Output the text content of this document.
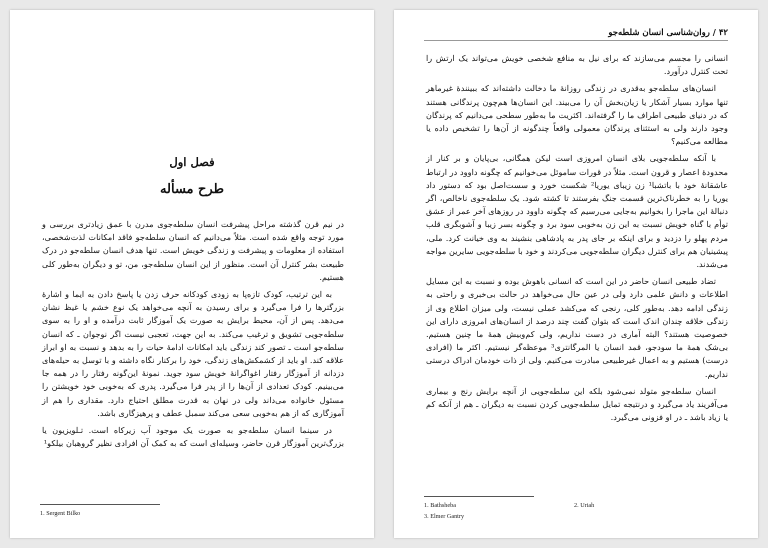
۴۲ / روان‌شناسی انسان شلطه‌جو

انسانی را مجسم می‌سازند که برای نیل به منافع شخصی خویش می‌تواند یک ارتش را تحت کنترل درآورد.

انسان‌های سلطه‌جو به‌قدری در زندگی روزانهٔ ما دخالت داشته‌اند که ببینندهٔ غیرماهر تنها موارد بسیار آشکار یا زیان‌بخش آن را می‌بیند. این انسان‌ها هم‌چون پرندگانی هستند که در دنیای طبیعی اطراف ما را گرفته‌اند. اکثریت ما به‌طور سطحی می‌دانیم که پرندگان وجود دارند ولی به استثنای پرندگان معمولی واقعاً چندگونه از آن‌ها را تشخیص داده یا مطالعه می‌کنیم؟

با آنکه سلطه‌جویی بلای انسان امروزی است لیکن همگانی، بی‌پایان و بر کنار از محدودهٔ اعصار و قرون است. مثلاً در قورات ساموئل می‌خوانیم که چگونه داوود در ارتباط عاشقانهٔ خود با باتشبا¹ زن زیبای یوریا² شکست خورد و سست‌اصل بود که دستور داد یوریا را به خطرناک‌ترین قسمت جنگ بفرستند تا کشته شود. یک سلطه‌جوی ناخالص، اگر دنبالهٔ این ماجرا را بخوانیم به‌جایی می‌رسیم که چگونه داوود در روزهای آخر عمر از عشق توأم با گناه خویش نسبت به این زن به‌خوبی سود برد و چگونه بسر زیبا و آشوبگری قلب مردم پهلو را دزدید و برای اینکه بر جای پدر به پادشاهی بنشیند به وی خیانت کرد. ملی، پیشینیان هم برای کنترل دیگران سلطه‌جویی می‌کردند و خود با سلطه‌جویی سایرین مواجه می‌شدند.

تضاد طبیعی انسان حاضر در این است که انسانی باهوش بوده و نسبت به این مسایل اطلاعات و دانش علمی دارد ولی در عین حال می‌خواهد در حالت بی‌خبری و راحتی به زندگی ادامه دهد. به‌طور کلی، رنجی که می‌کشد عملی نیست، ولی میزان اطلاع وی از زندگی خلاقه چندان اندک است که بتوان گفت چند درصد از انسان‌های امروزی دارای این خصوصیت هستند؟ البته آماری در دست نداریم، ولی کم‌وبیش همهٔ ما چنین هستیم. بی‌شک همهٔ ما سودجو، قمد انسان یا المرگانتری³ موعظه‌گر نیستیم. اکثر ما (افرادی درست) هستیم و به اعمال غیرطبیعی مبادرت می‌کنیم. ولی از ذات خودمان ادراک درستی نداریم.

انسان سلطه‌جو متولد نمی‌شود بلکه این سلطه‌جویی از آنچه برایش رنج و بیماری می‌آفریند یاد می‌گیرد و درنتیجه تمایل سلطه‌جویی کردن نسبت به دیگران ـ هم از آنکه کم یا زیاد باشد ـ در او فزونی می‌گیرد.

1. Bathsheba	2. Uriah
3. Elmer Gantry
فصل اول
طرح مسأله

در نیم قرن گذشته مراحل پیشرفت انسان سلطه‌جوی مدرن با عمق زیادتری بررسی و مورد توجه واقع شده است. مثلاً می‌دانیم که انسان سلطه‌جو فاقد امکانات لذت‌شخصی، استفاده از معلومات و پیشرفت و زندگی خویش است. تنها هدف انسان سلطه‌جو در درک طبیعت بشر کنترل آن است. منظور از این انسان سلطه‌جو، من، تو و دیگران به‌طور کلی هستیم.

به این ترتیب، کودک تازه‌پا به زودی کودکانه حرف زدن یا پاسخ دادن به ایما و اشارهٔ بزرگترها را فرا می‌گیرد و برای رسیدن به آنچه می‌خواهد یک نوع خشم یا غیظ نشان می‌دهد. پس از آن، محیط برایش به صورت یک آموزگار ثابت درآمده و او را به سوی سلطه‌جویی تشویق و ترغیب می‌کند. به این جهت، تعجبی نیست اگر نوجوان ـ که انسان سلطه‌جو است ـ تصور کند زندگی باید امکانات ادامهٔ حیات را به بدهد و نسبت به او ابراز علاقه کند. او باید از کشمکش‌های زندگی، خود را برکنار نگاه داشته و با توسل به حیله‌های دزدانه از آموزگار رفتار اغواگرانهٔ خویش سود جوید. نمونهٔ این‌گونه رفتار را در همه جا می‌بینیم. کودک تعدادی از آن‌ها را از پدر فرا می‌گیرد. پدری که به‌خوبی خود خویشتن را مسئول خانواده می‌داند ولی در نهان به قدرت مطلق احتیاج دارد. مقداری را هم از آموزگاری که از هم به‌خوبی سعی می‌کند سمبل عطف و پرهیزگاری باشد.

در سینما انسان سلطه‌جو به صورت یک موجود آب زیرکاه است. تـلویزیون یا بزرگ‌ترین آموزگار قرن حاضر، وسیله‌ای است که به کمک آن افرادی نظیر گروهبان بیلکو¹

1. Sergent Bilko
